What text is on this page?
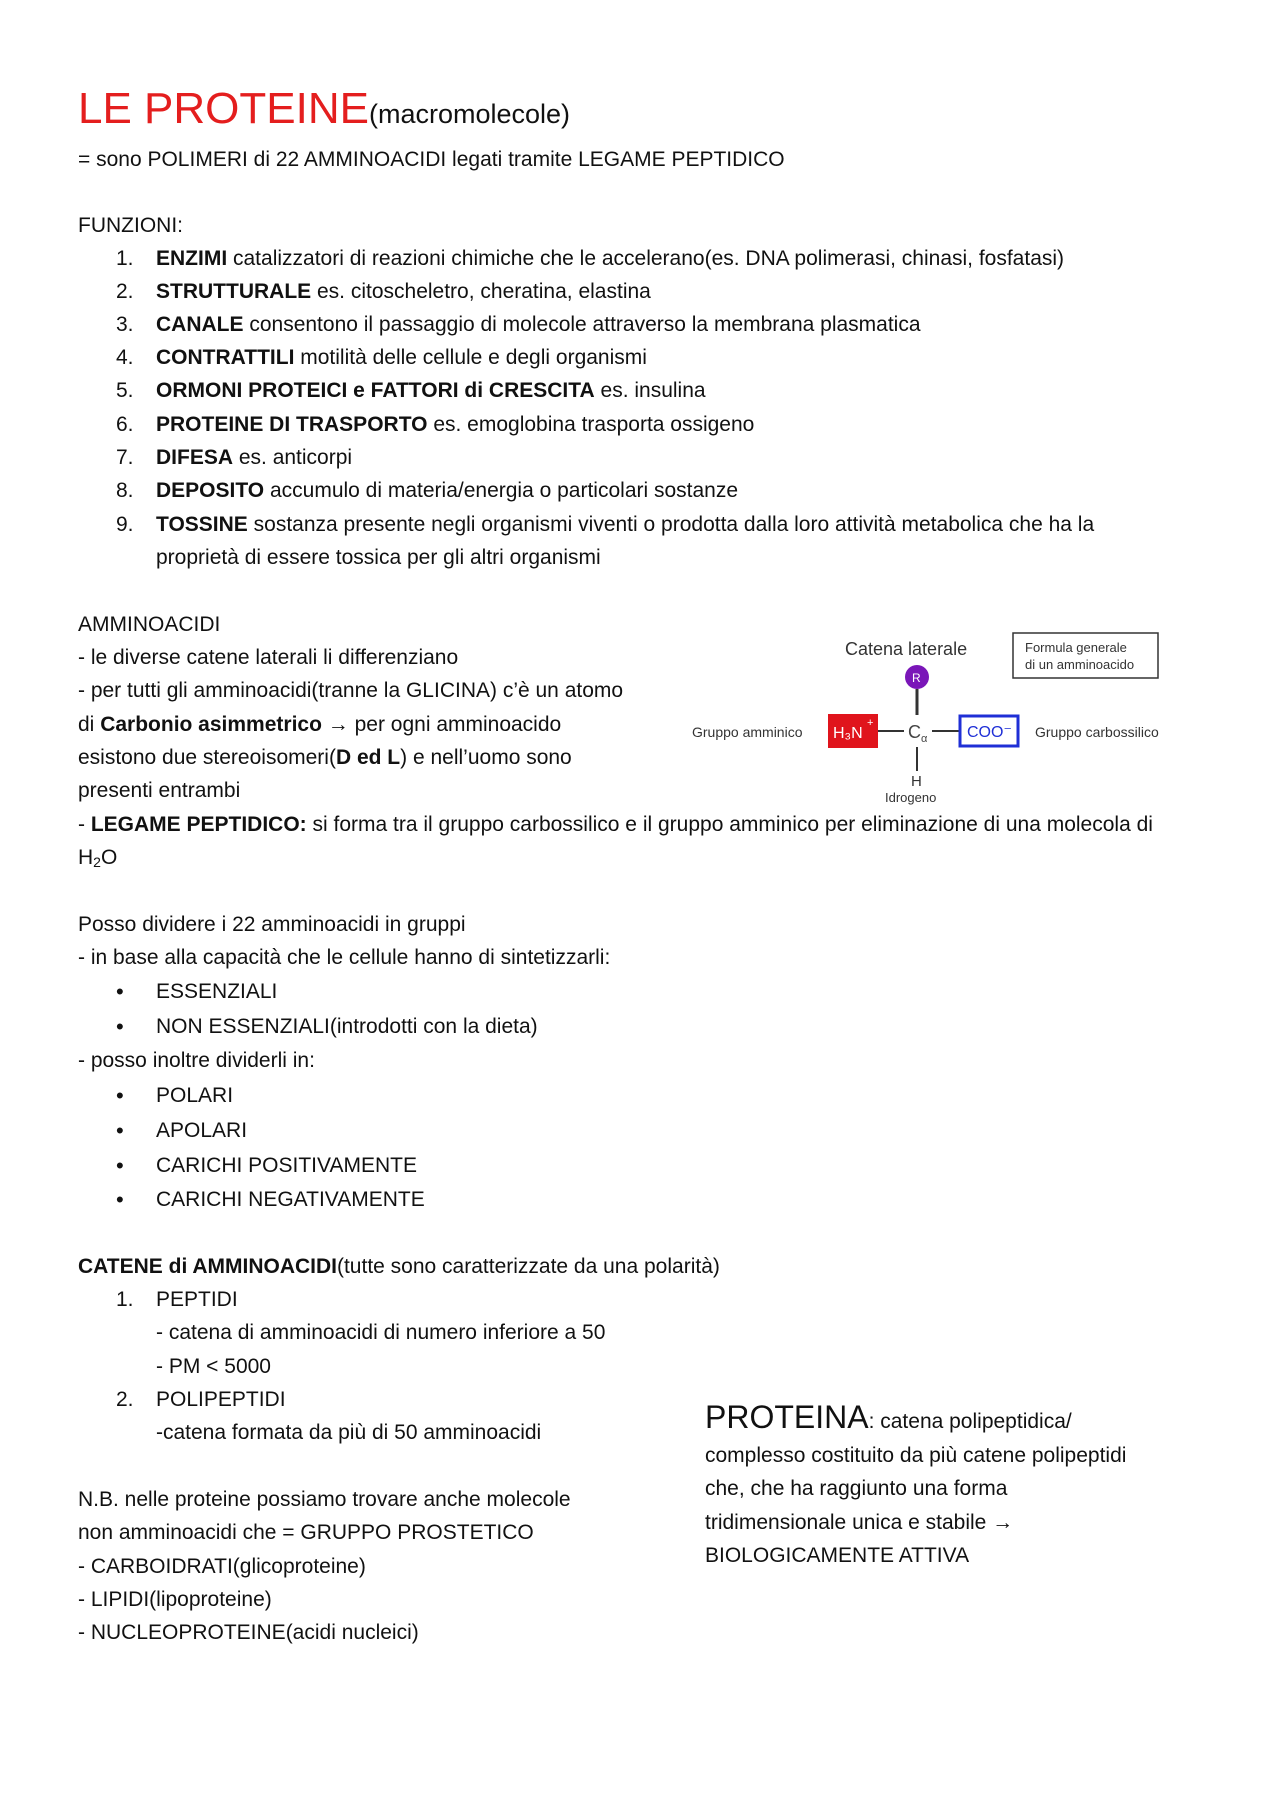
LE PROTEINE(macromolecole)
= sono POLIMERI di 22 AMMINOACIDI legati tramite LEGAME PEPTIDICO
FUNZIONI:
1. ENZIMI catalizzatori di reazioni chimiche che le accelerano(es. DNA polimerasi, chinasi, fosfatasi)
2. STRUTTURALE es. citoscheletro, cheratina, elastina
3. CANALE consentono il passaggio di molecole attraverso la membrana plasmatica
4. CONTRATTILI motilità delle cellule e degli organismi
5. ORMONI PROTEICI e FATTORI di CRESCITA es. insulina
6. PROTEINE DI TRASPORTO es. emoglobina trasporta ossigeno
7. DIFESA es. anticorpi
8. DEPOSITO accumulo di materia/energia o particolari sostanze
9. TOSSINE sostanza presente negli organismi viventi o prodotta dalla loro attività metabolica che ha la
proprietà di essere tossica per gli altri organismi
AMMINOACIDI
- le diverse catene laterali li differenziano
- per tutti gli amminoacidi(tranne la GLICINA) c’è un atomo
di Carbonio asimmetrico → per ogni amminoacido
esistono due stereoisomeri(D ed L) e nell’uomo sono
presenti entrambi
- LEGAME PEPTIDICO: si forma tra il gruppo carbossilico e il gruppo amminico per eliminazione di una molecola di
$H_2O$
Catena laterale	Formula generale
di un amminoacido
R
Gruppo amminico H₃N
+ $C_\alpha$ COO⁻ Gruppo carbossilico
H
Idrogeno
Posso dividere i 22 amminoacidi in gruppi
- in base alla capacità che le cellule hanno di sintetizzarli:
• ESSENZIALI
• NON ESSENZIALI(introdotti con la dieta)
- posso inoltre dividerli in:
• POLARI
• APOLARI
• CARICHI POSITIVAMENTE
• CARICHI NEGATIVAMENTE
CATENE di AMMINOACIDI(tutte sono caratterizzate da una polarità)
1. PEPTIDI
- catena di amminoacidi di numero inferiore a 50
- PM < 5000
2. POLIPEPTIDI
-catena formata da più di 50 amminoacidi
N.B. nelle proteine possiamo trovare anche molecole
non amminoacidi che = GRUPPO PROSTETICO
- CARBOIDRATI(glicoproteine)
- LIPIDI(lipoproteine)
- NUCLEOPROTEINE(acidi nucleici)
PROTEINA: catena polipeptidica/
complesso costituito da più catene polipeptidi
che, che ha raggiunto una forma
tridimensionale unica e stabile →
BIOLOGICAMENTE ATTIVA
